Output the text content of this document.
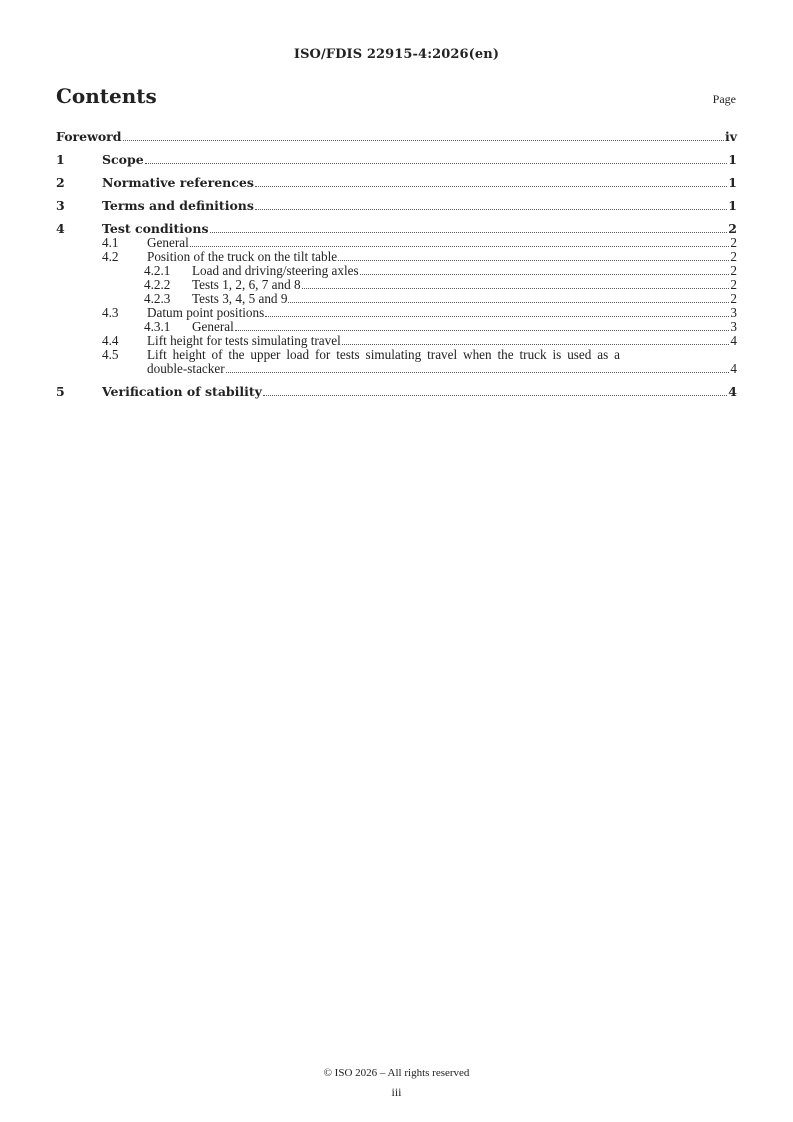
ISO/FDIS 22915-4:2026(en)
Contents	Page
Foreword	iv
1	Scope	1
2	Normative references	1
3	Terms and definitions	1
4	Test conditions	2
4.1	General	2
4.2	Position of the truck on the tilt table	2
4.2.1	Load and driving/steering axles	2
4.2.2	Tests 1, 2, 6, 7 and 8	2
4.2.3	Tests 3, 4, 5 and 9	2
4.3	Datum point positions	3
4.3.1	General	3
4.4	Lift height for tests simulating travel	4
4.5	Lift height of the upper load for tests simulating travel when the truck is used as a
double-stacker	4
5	Verification of stability	4
© ISO 2026 – All rights reserved
iii
